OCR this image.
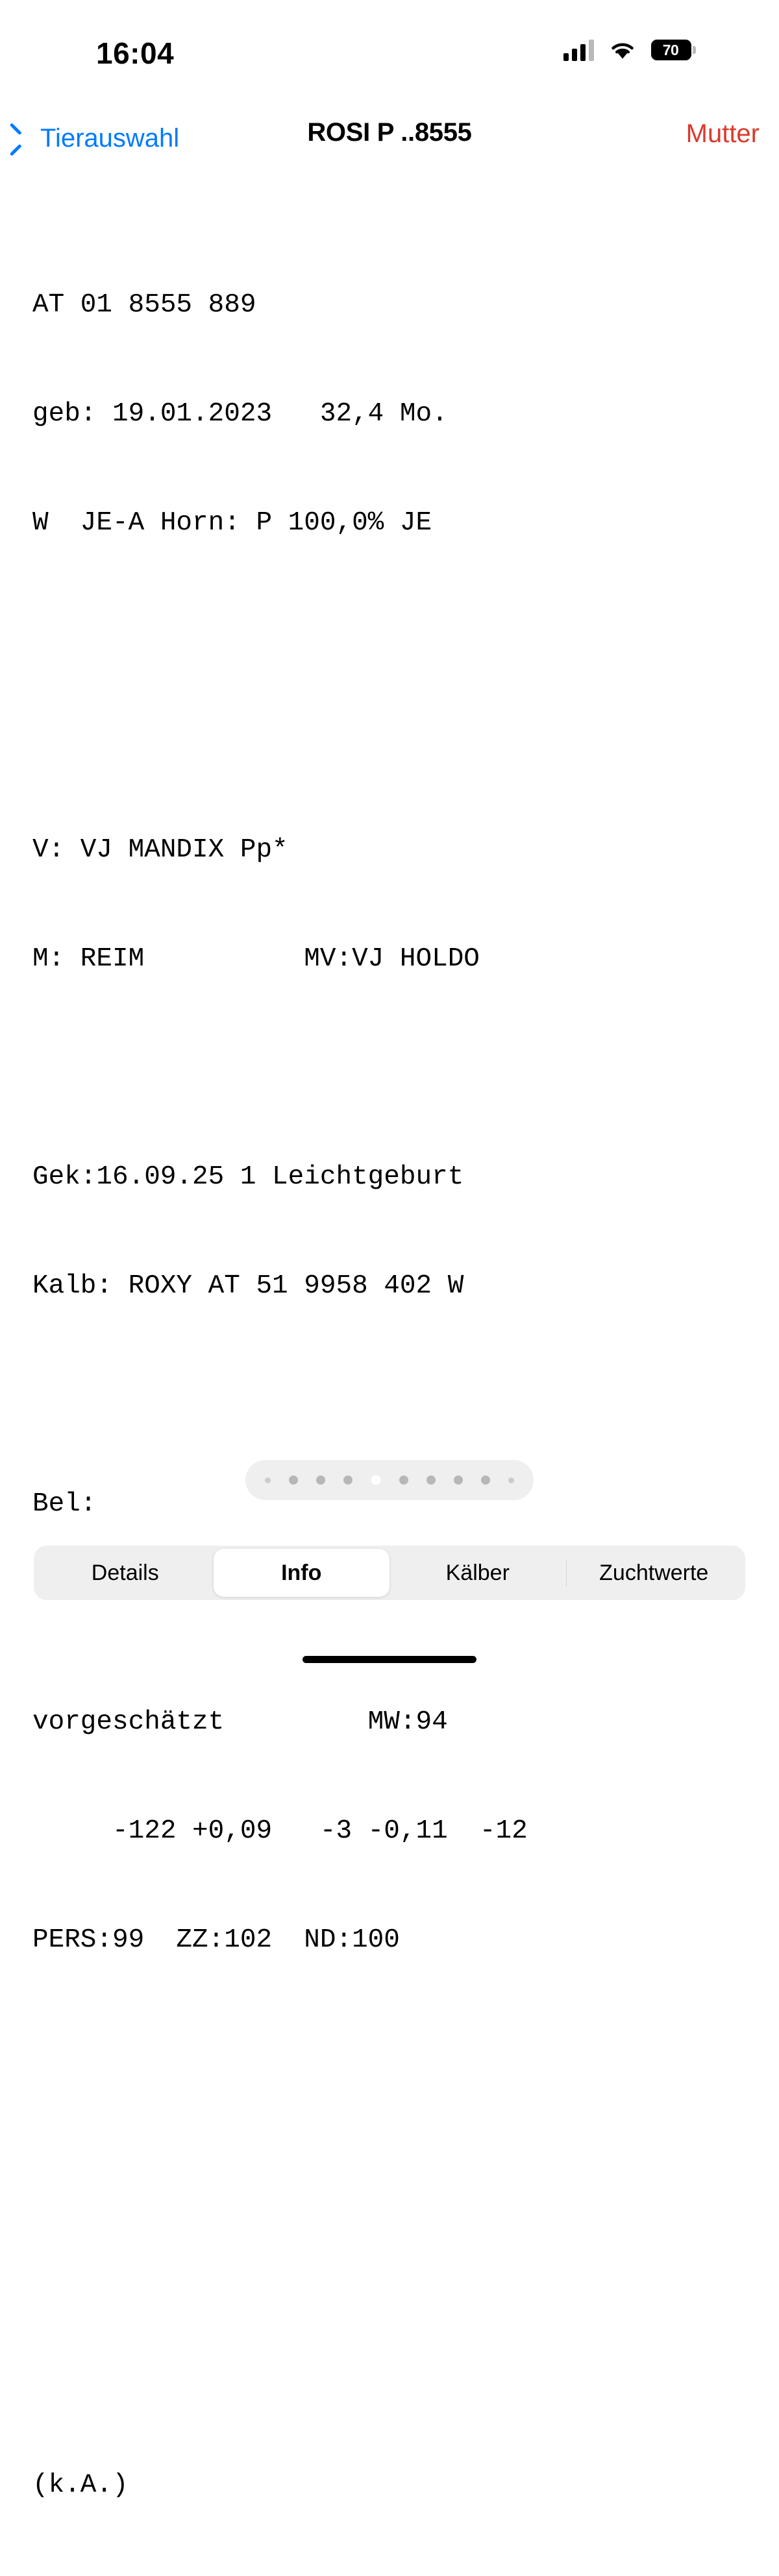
16:04	70
Tierauswahl	ROSI P ..8555	Mutter

AT 01 8555 889

geb: 19.01.2023   32,4 Mo.

W  JE-A Horn: P 100,0% JE

V: VJ MANDIX Pp*

M: REIM          MV:VJ HOLDO

Gek:16.09.25 1 Leichtgeburt

Kalb: ROXY AT 51 9958 402 W

Bel:

vorgeschätzt         MW:94

-122 +0,09   -3 -0,11  -12

PERS:99  ZZ:102  ND:100

(k.A.)

Details	Info	Kälber	Zuchtwerte
